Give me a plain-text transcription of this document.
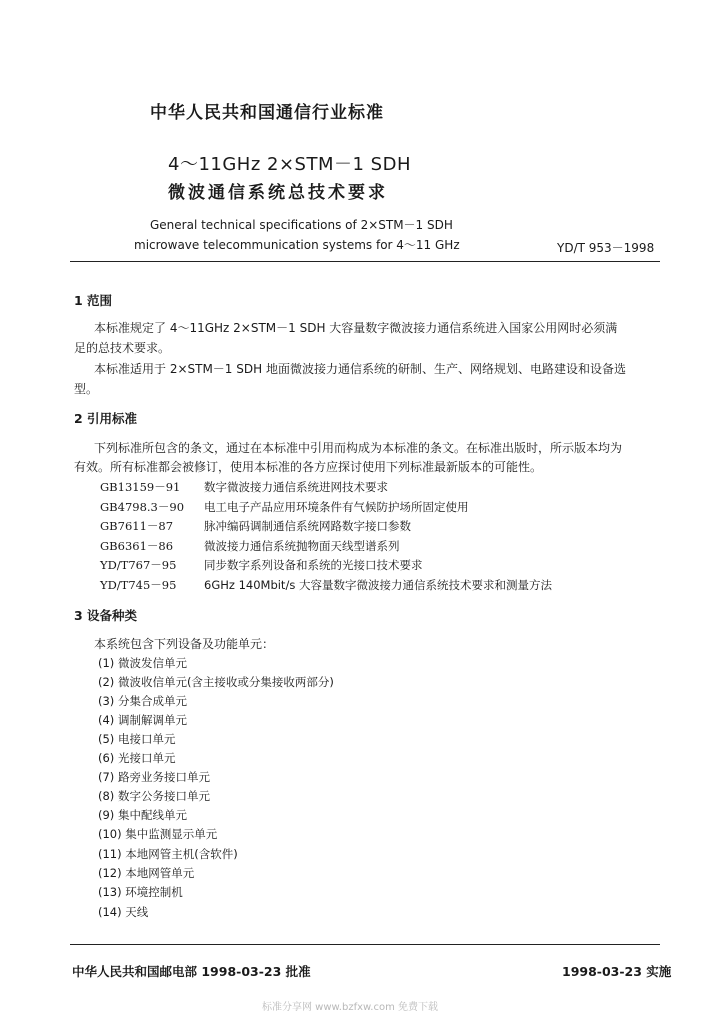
中华人民共和国通信行业标准
4～11GHz 2×STM－1 SDH
微波通信系统总技术要求
General technical specifications of 2×STM－1 SDH
microwave telecommunication systems for 4～11 GHz	YD/T 953－1998
1 范围
本标准规定了 4～11GHz 2×STM－1 SDH 大容量数字微波接力通信系统进入国家公用网时必须满
足的总技术要求。
本标准适用于 2×STM－1 SDH 地面微波接力通信系统的研制、生产、网络规划、电路建设和设备选
型。
2 引用标准
下列标准所包含的条文，通过在本标准中引用而构成为本标准的条文。在标准出版时，所示版本均为
有效。所有标准都会被修订，使用本标准的各方应探讨使用下列标准最新版本的可能性。
GB13159－91 数字微波接力通信系统进网技术要求
GB4798.3－90 电工电子产品应用环境条件有气候防护场所固定使用
GB7611－87	脉冲编码调制通信系统网路数字接口参数
GB6361－86	微波接力通信系统抛物面天线型谱系列
YD/T767－95 同步数字系列设备和系统的光接口技术要求
YD/T745－95 6GHz 140Mbit/s 大容量数字微波接力通信系统技术要求和测量方法
3 设备种类
本系统包含下列设备及功能单元：
(1) 微波发信单元
(2) 微波收信单元(含主接收或分集接收两部分)
(3) 分集合成单元
(4) 调制解调单元
(5) 电接口单元
(6) 光接口单元
(7) 路旁业务接口单元
(8) 数字公务接口单元
(9) 集中配线单元
(10) 集中监测显示单元
(11) 本地网管主机(含软件)
(12) 本地网管单元
(13) 环境控制机
(14) 天线
中华人民共和国邮电部 1998-03-23 批准	1998-03-23 实施
标准分享网 www.bzfxw.com 免费下载
